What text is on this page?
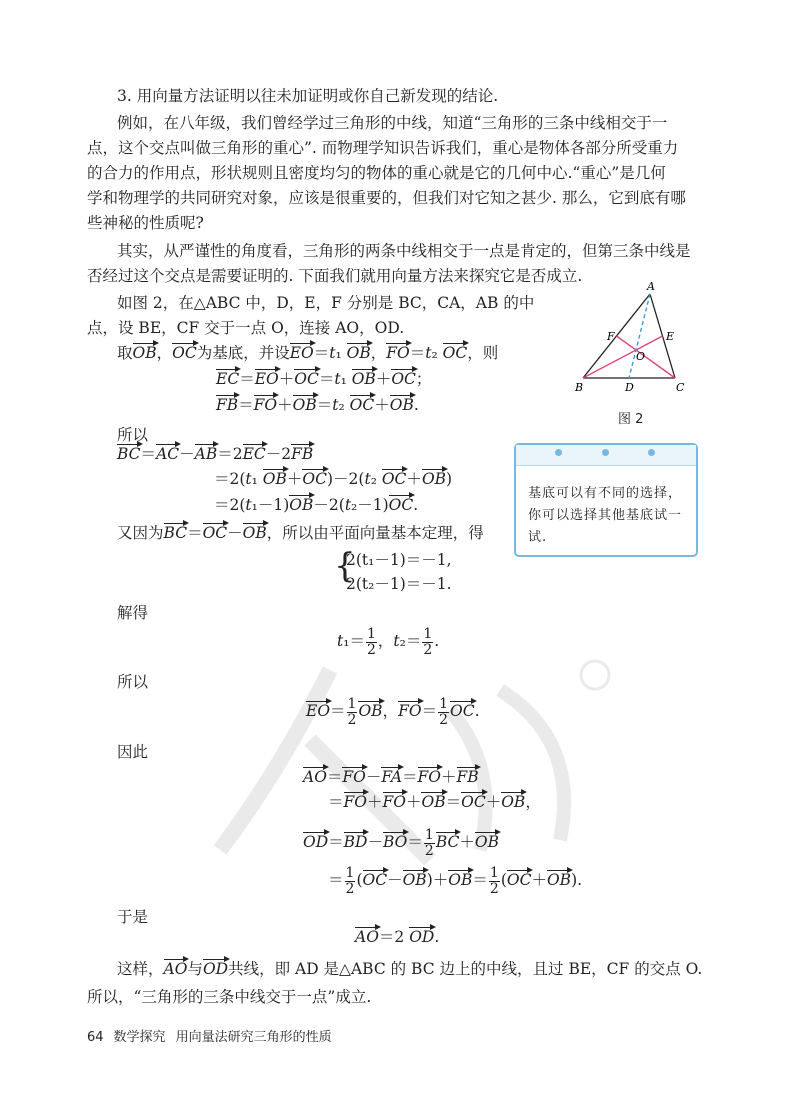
3. 用向量方法证明以往未加证明或你自己新发现的结论.
例如，在八年级，我们曾经学过三角形的中线，知道“三角形的三条中线相交于一
点，这个交点叫做三角形的重心”. 而物理学知识告诉我们，重心是物体各部分所受重力
的合力的作用点，形状规则且密度均匀的物体的重心就是它的几何中心.“重心”是几何
学和物理学的共同研究对象，应该是很重要的，但我们对它知之甚少. 那么，它到底有哪
些神秘的性质呢?
其实，从严谨性的角度看，三角形的两条中线相交于一点是肯定的，但第三条中线是
否经过这个交点是需要证明的. 下面我们就用向量方法来探究它是否成立.
如图 2，在△ABC 中，D，E，F 分别是 BC，CA，AB 的中
点，设 BE，CF 交于一点 O，连接 AO，OD.
取OB，OC为基底，并设EO＝t₁ OB，FO＝t₂ OC，则
EC＝EO＋OC＝t₁ OB＋OC；
FB＝FO＋OB＝t₂ OC＋OB.
所以
BC＝AC－AB＝2EC－2FB
＝2(t₁ OB＋OC)－2(t₂ OC＋OB)
＝2(t₁－1)OB－2(t₂－1)OC.
又因为BC＝OC－OB，所以由平面向量基本定理，得
{
2(t₁－1)＝－1,
2(t₂－1)＝－1.
解得
$t_1= \frac{1}{2}$ ，$t_2= \frac{1}{2}$ .
所以
$EO= \frac{1}{2}$ OB，$FO= \frac{1}{2}$ OC.
因此
AO＝FO－FA＝FO＋FB
＝FO＋FO＋OB＝OC＋OB，
$OD=BD-BO= \frac{1}{2} BC+OB$
＝ $\frac{1}{2} (OC-OB)+OB= \frac{1}{2} (OC+OB)$.
于是
AO＝2 OD.
这样，AO与OD共线，即 AD 是△ABC 的 BC 边上的中线，且过 BE，CF 的交点 O.
所以，“三角形的三条中线交于一点”成立.
A
B	C
D
E
F
O
图 2
基底可以有不同的选择，你可以选择其他基底试一试.
64 数学探究 用向量法研究三角形的性质
